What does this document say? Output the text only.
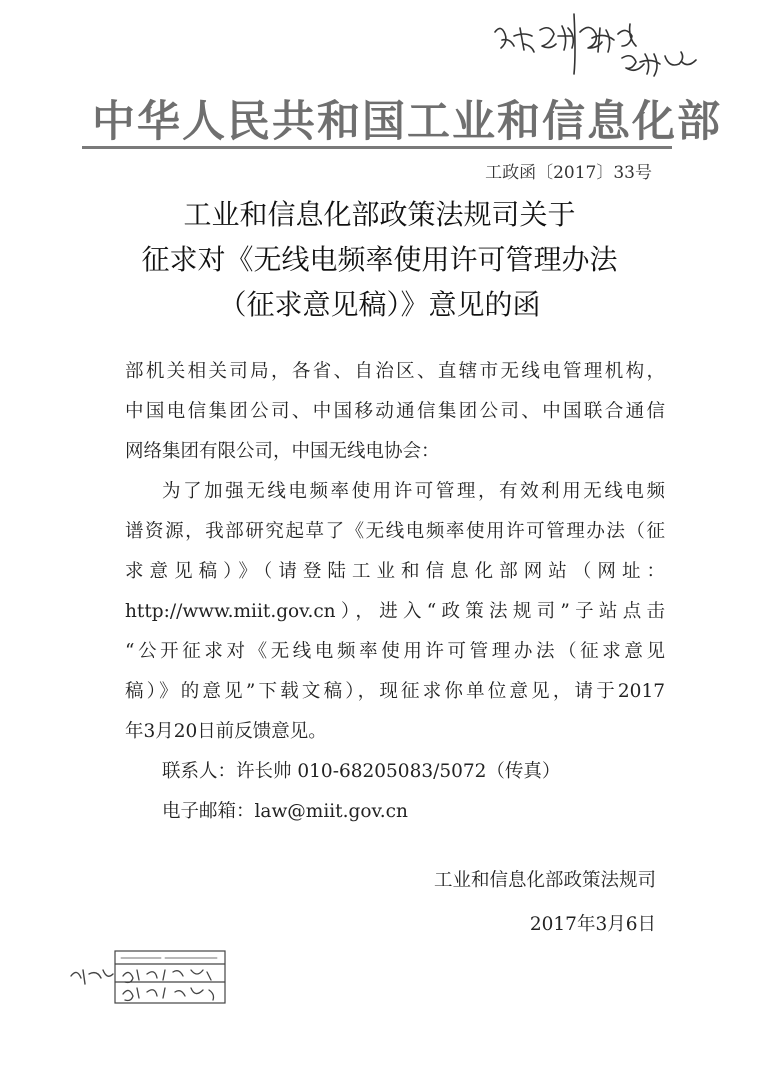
中华人民共和国工业和信息化部
工政函〔2017〕33号
工业和信息化部政策法规司关于
征求对《无线电频率使用许可管理办法
（征求意见稿）》意见的函
部机关相关司局，各省、自治区、直辖市无线电管理机构，
中国电信集团公司、中国移动通信集团公司、中国联合通信
网络集团有限公司，中国无线电协会：
为了加强无线电频率使用许可管理，有效利用无线电频
谱资源，我部研究起草了《无线电频率使用许可管理办法（征
求意见稿）》（请登陆工业和信息化部网站（网址：
http://www.miit.gov.cn），进入“政策法规司”子站点击
“公开征求对《无线电频率使用许可管理办法（征求意见
稿）》的意见”下载文稿），现征求你单位意见，请于2017
年3月20日前反馈意见。
联系人：许长帅 010-68205083/5072（传真）
电子邮箱：law@miit.gov.cn
工业和信息化部政策法规司
2017年3月6日
